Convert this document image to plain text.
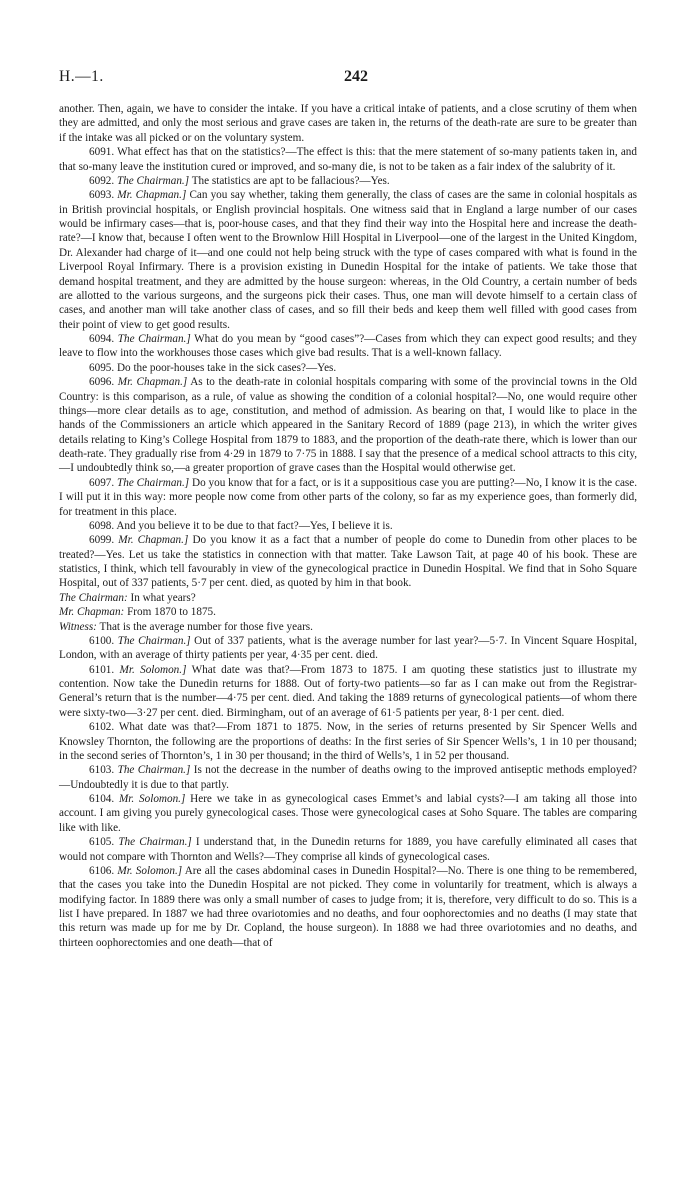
H.—1.	242

another. Then, again, we have to consider the intake. If you have a critical intake of patients, and a close scrutiny of them when they are admitted, and only the most serious and grave cases are taken in, the returns of the death-rate are sure to be greater than if the intake was all picked or on the voluntary system.

6091. What effect has that on the statistics?—The effect is this: that the mere statement of so-many patients taken in, and that so-many leave the institution cured or improved, and so-many die, is not to be taken as a fair index of the salubrity of it.

6092. The Chairman.] The statistics are apt to be fallacious?—Yes.

6093. Mr. Chapman.] Can you say whether, taking them generally, the class of cases are the same in colonial hospitals as in British provincial hospitals, or English provincial hospitals. One witness said that in England a large number of our cases would be infirmary cases—that is, poor-house cases, and that they find their way into the Hospital here and increase the death-rate?—I know that, because I often went to the Brownlow Hill Hospital in Liverpool—one of the largest in the United Kingdom, Dr. Alexander had charge of it—and one could not help being struck with the type of cases compared with what is found in the Liverpool Royal Infirmary. There is a provision existing in Dunedin Hospital for the intake of patients. We take those that demand hospital treatment, and they are admitted by the house surgeon: whereas, in the Old Country, a certain number of beds are allotted to the various surgeons, and the surgeons pick their cases. Thus, one man will devote himself to a certain class of cases, and another man will take another class of cases, and so fill their beds and keep them well filled with good cases from their point of view to get good results.

6094. The Chairman.] What do you mean by “good cases”?—Cases from which they can expect good results; and they leave to flow into the workhouses those cases which give bad results. That is a well-known fallacy.

6095. Do the poor-houses take in the sick cases?—Yes.

6096. Mr. Chapman.] As to the death-rate in colonial hospitals comparing with some of the provincial towns in the Old Country: is this comparison, as a rule, of value as showing the condition of a colonial hospital?—No, one would require other things—more clear details as to age, constitution, and method of admission. As bearing on that, I would like to place in the hands of the Commissioners an article which appeared in the Sanitary Record of 1889 (page 213), in which the writer gives details relating to King’s College Hospital from 1879 to 1883, and the proportion of the death-rate there, which is lower than our death-rate. They gradually rise from 4·29 in 1879 to 7·75 in 1888. I say that the presence of a medical school attracts to this city,—I undoubtedly think so,—a greater proportion of grave cases than the Hospital would otherwise get.

6097. The Chairman.] Do you know that for a fact, or is it a suppositious case you are putting?—No, I know it is the case. I will put it in this way: more people now come from other parts of the colony, so far as my experience goes, than formerly did, for treatment in this place.

6098. And you believe it to be due to that fact?—Yes, I believe it is.

6099. Mr. Chapman.] Do you know it as a fact that a number of people do come to Dunedin from other places to be treated?—Yes. Let us take the statistics in connection with that matter. Take Lawson Tait, at page 40 of his book. These are statistics, I think, which tell favourably in view of the gynecological practice in Dunedin Hospital. We find that in Soho Square Hospital, out of 337 patients, 5·7 per cent. died, as quoted by him in that book.

The Chairman: In what years?

Mr. Chapman: From 1870 to 1875.

Witness: That is the average number for those five years.

6100. The Chairman.] Out of 337 patients, what is the average number for last year?—5·7. In Vincent Square Hospital, London, with an average of thirty patients per year, 4·35 per cent. died.

6101. Mr. Solomon.] What date was that?—From 1873 to 1875. I am quoting these statistics just to illustrate my contention. Now take the Dunedin returns for 1888. Out of forty-two patients—so far as I can make out from the Registrar-General’s return that is the number—4·75 per cent. died. And taking the 1889 returns of gynecological patients—of whom there were sixty-two—3·27 per cent. died. Birmingham, out of an average of 61·5 patients per year, 8·1 per cent. died.

6102. What date was that?—From 1871 to 1875. Now, in the series of returns presented by Sir Spencer Wells and Knowsley Thornton, the following are the proportions of deaths: In the first series of Sir Spencer Wells’s, 1 in 10 per thousand; in the second series of Thornton’s, 1 in 30 per thousand; in the third of Wells’s, 1 in 52 per thousand.

6103. The Chairman.] Is not the decrease in the number of deaths owing to the improved antiseptic methods employed?—Undoubtedly it is due to that partly.

6104. Mr. Solomon.] Here we take in as gynecological cases Emmet’s and labial cysts?—I am taking all those into account. I am giving you purely gynecological cases. Those were gynecological cases at Soho Square. The tables are comparing like with like.

6105. The Chairman.] I understand that, in the Dunedin returns for 1889, you have carefully eliminated all cases that would not compare with Thornton and Wells?—They comprise all kinds of gynecological cases.

6106. Mr. Solomon.] Are all the cases abdominal cases in Dunedin Hospital?—No. There is one thing to be remembered, that the cases you take into the Dunedin Hospital are not picked. They come in voluntarily for treatment, which is always a modifying factor. In 1889 there was only a small number of cases to judge from; it is, therefore, very difficult to do so. This is a list I have prepared. In 1887 we had three ovariotomies and no deaths, and four oophorectomies and no deaths (I may state that this return was made up for me by Dr. Copland, the house surgeon). In 1888 we had three ovariotomies and no deaths, and thirteen oophorectomies and one death—that of
